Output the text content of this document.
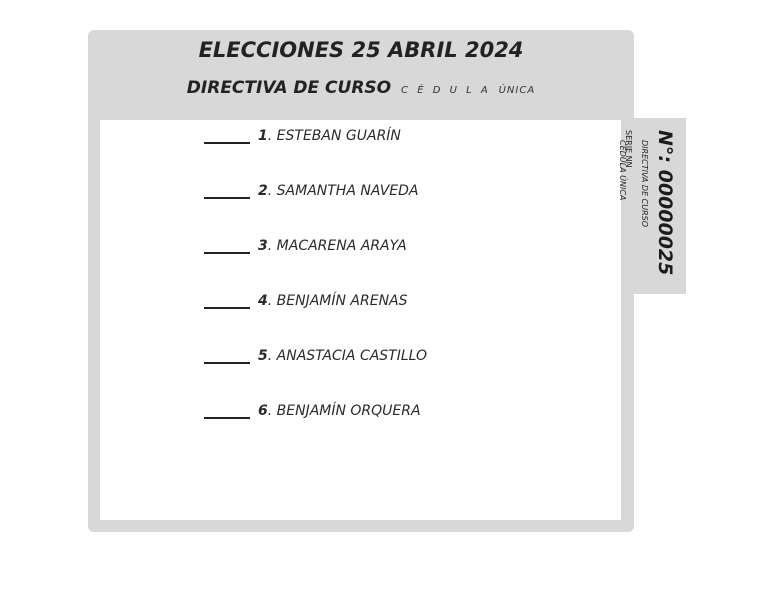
ELECCIONES 25 ABRIL 2024
DIRECTIVA DE CURSO C É D U L A ÚNICA
1 . ESTEBAN GUARÍN
2 . SAMANTHA NAVEDA
3 . MACARENA ARAYA
4 . BENJAMÍN ARENAS
5 . ANASTACIA CASTILLO
6 . BENJAMÍN ORQUERA
SERIE NN
CÉDULA ÚNICA DIRECTIVA DE CURSO N°: 00000025
